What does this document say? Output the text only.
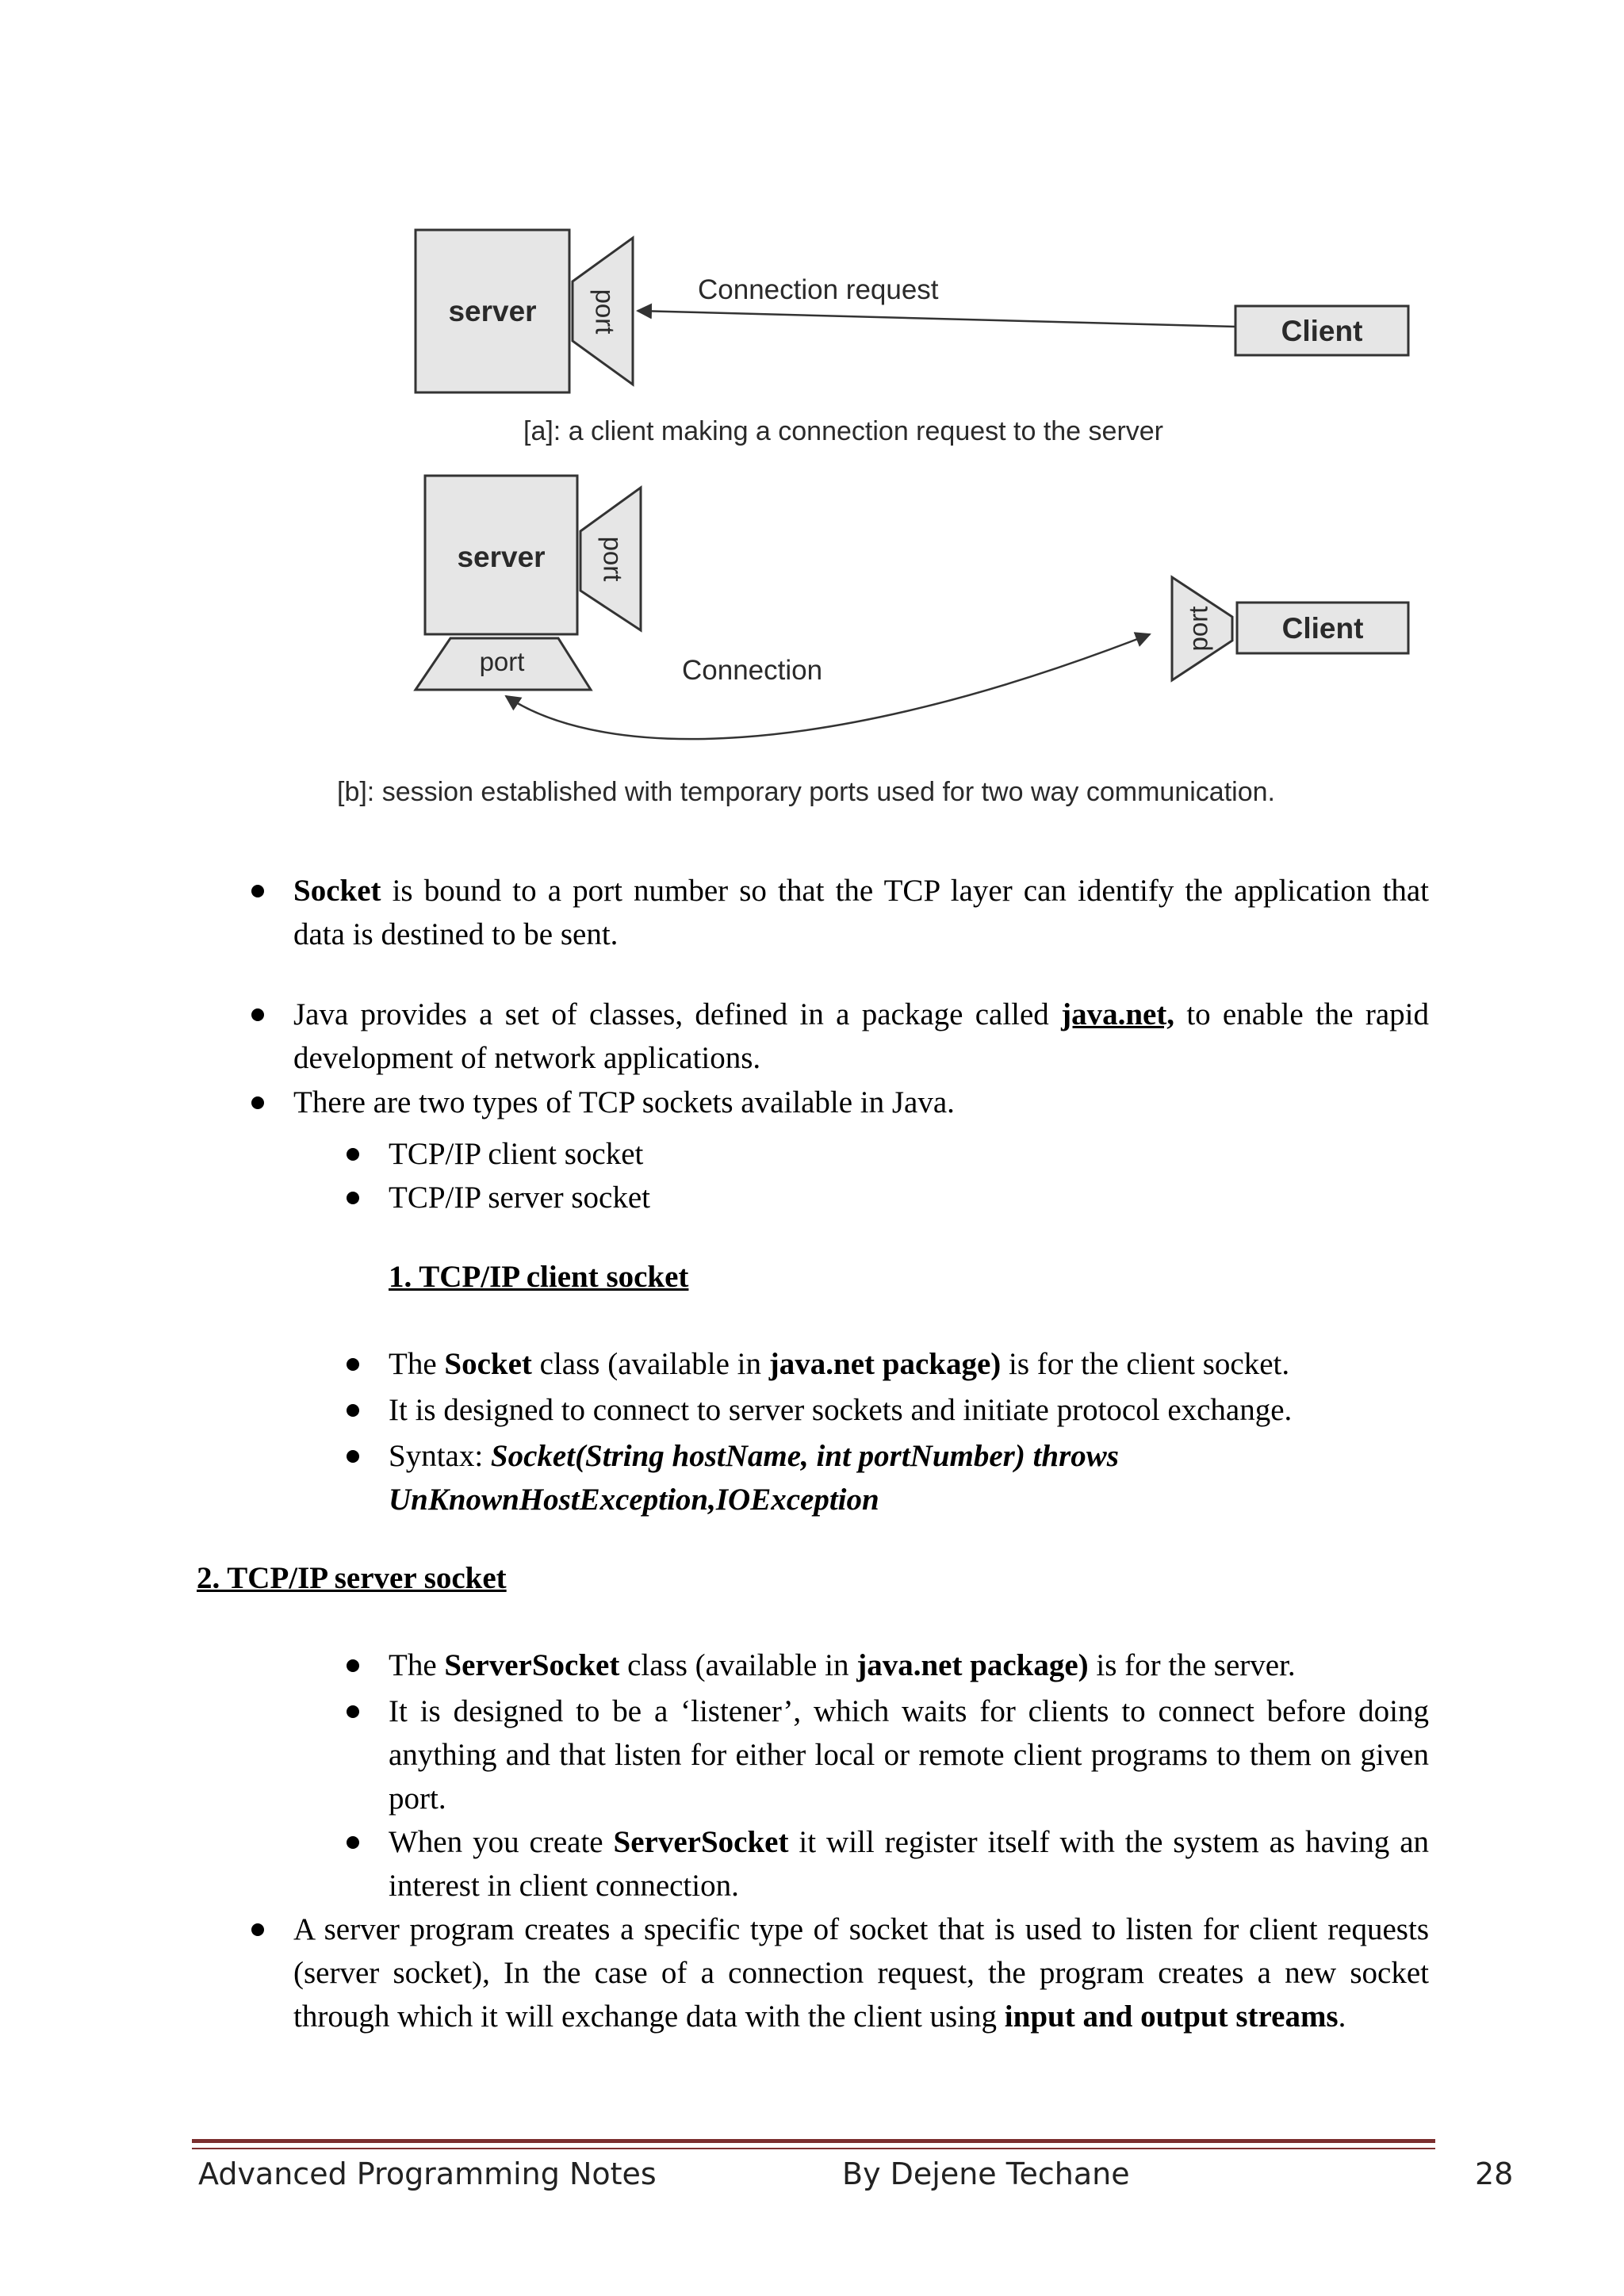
server port	Connection request
Client
[a]: a client making a connection request to the server
server port
port	Connection
port Client
[b]: session established with temporary ports used for two way communication.
Socket is bound to a port number so that the TCP layer can identify the application that data is destined to be sent.
Java provides a set of classes, defined in a package called java.net, to enable the rapid development of network applications.
There are two types of TCP sockets available in Java.
TCP/IP client socket
TCP/IP server socket
1. TCP/IP client socket
The Socket class (available in java.net package) is for the client socket.
It is designed to connect to server sockets and initiate protocol exchange.
Syntax: Socket(String hostName, int portNumber) throws UnKnownHostException,IOException
2. TCP/IP server socket
The ServerSocket class (available in java.net package) is for the server.
It is designed to be a ‘listener’, which waits for clients to connect before doing anything and that listen for either local or remote client programs to them on given port.
When you create ServerSocket it will register itself with the system as having an interest in client connection.
A server program creates a specific type of socket that is used to listen for client requests (server socket), In the case of a connection request, the program creates a new socket through which it will exchange data with the client using input and output streams.
Advanced Programming Notes	By Dejene Techane	28
